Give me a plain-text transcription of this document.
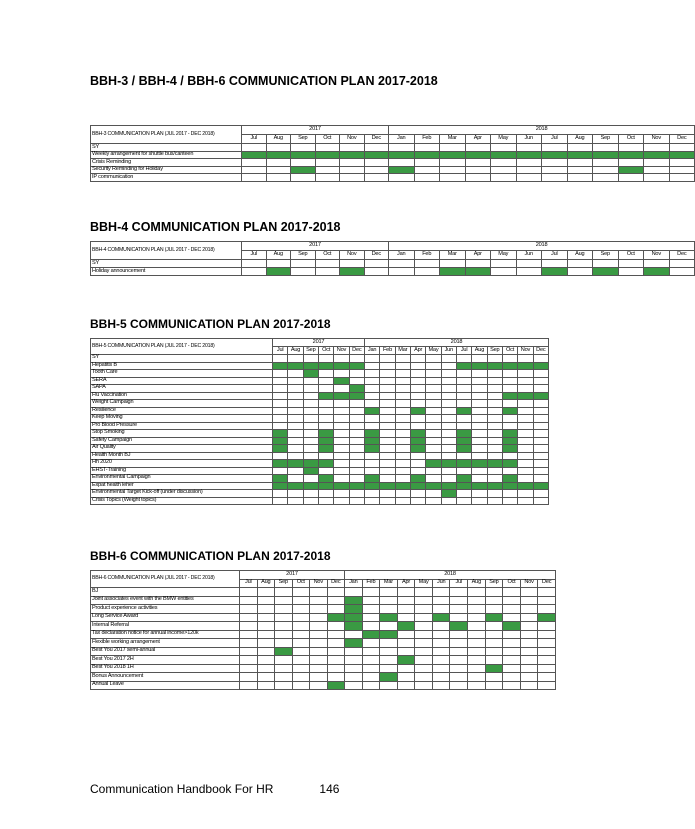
BBH-3 / BBH-4 / BBH-6 COMMUNICATION PLAN 2017-2018
BBH-3 COMMUNICATION PLAN (JUL 2017 - DEC 2018)	2017						2018											
	Jul	Aug	Sep	Oct	Nov	Dec	Jan	Feb	Mar	Apr	May	Jun	Jul	Aug	Sep	Oct	Nov	Dec
SY																		
Weekly arrangement for shuttle bus/canteen																		
Crisis Reminding																		
Security Reminding for Holiday																		
IP communication																		
BBH-4 COMMUNICATION PLAN 2017-2018
BBH-4 COMMUNICATION PLAN (JUL 2017 - DEC 2018)	2017						2018											
	Jul	Aug	Sep	Oct	Nov	Dec	Jan	Feb	Mar	Apr	May	Jun	Jul	Aug	Sep	Oct	Nov	Dec
SY																		
Holiday announcement																		
BBH-5 COMMUNICATION PLAN 2017-2018
BBH-5 COMMUNICATION PLAN (JUL 2017 - DEC 2018)	2017						2018											
	Jul	Aug	Sep	Oct	Nov	Dec	Jan	Feb	Mar	Apr	May	Jun	Jul	Aug	Sep	Oct	Nov	Dec
SY																		
Hepatitis B																		
Tooth Care																		
SERA																		
SAPA																		
Flu Vaccination																		
Weight Campaign																		
Resilience																		
Keep Moving																		
Pro Blood Pressure																		
Stop Smoking																		
Safety Campaign																		
Air Quality																		
Health Month BJ																		
Hh 2020																		
EHST-Training																		
Environmental Campaign																		
Expat health leher																		
Environmental Target Kick-off (under discussion)																		
Crisis Topics (Weight topics)																		
BBH-6 COMMUNICATION PLAN 2017-2018
BBH-6 COMMUNICATION PLAN (JUL 2017 - DEC 2018)	2017						2018											
	Jul	Aug	Sep	Oct	Nov	Dec	Jan	Feb	Mar	Apr	May	Jun	Jul	Aug	Sep	Oct	Nov	Dec
BJ																		
Joint associates event with the BMW entities																		
Product experience activities																		
Long Service Award																		
Internal Referral																		
Tax declaration notice for annual income>120k																		
Flexible working arrangement																		
Best You 2017 semi-annual																		
Best You 2017 2H																		
Best You 2018 1H																		
Bonus Announcement																		
Annual Leave																		
Communication Handbook For HR	146
